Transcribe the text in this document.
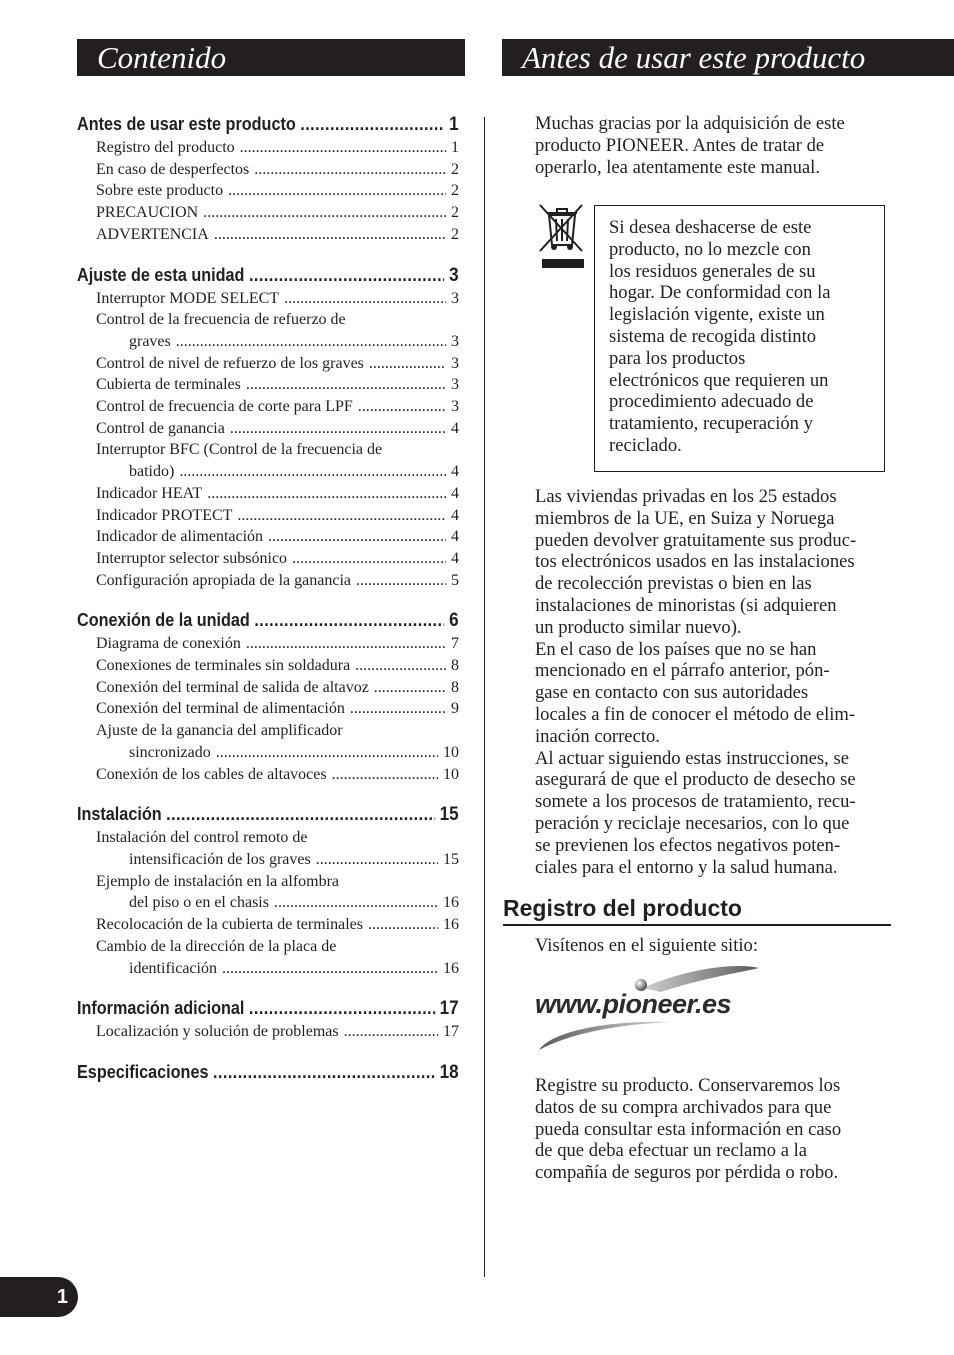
Contenido	Antes de usar este producto
Antes de usar este producto .....	1
Registro del producto .....	1
En caso de desperfectos .....	2
Sobre este producto .....	2
PRECAUCION .....	2
ADVERTENCIA .....	2
Ajuste de esta unidad .....	3
Interruptor MODE SELECT .....	3
Control de la frecuencia de refuerzo de
graves .....	3
Control de nivel de refuerzo de los graves .....	3
Cubierta de terminales .....	3
Control de frecuencia de corte para LPF .....	3
Control de ganancia .....	4
Interruptor BFC (Control de la frecuencia de
batido) .....	4
Indicador HEAT .....	4
Indicador PROTECT .....	4
Indicador de alimentación .....	4
Interruptor selector subsónico .....	4
Configuración apropiada de la ganancia .....	5
Conexión de la unidad .....	6
Diagrama de conexión .....	7
Conexiones de terminales sin soldadura .....	8
Conexión del terminal de salida de altavoz .....	8
Conexión del terminal de alimentación .....	9
Ajuste de la ganancia del amplificador
sincronizado .....	10
Conexión de los cables de altavoces .....	10
Instalación .....	15
Instalación del control remoto de
intensificación de los graves .....	15
Ejemplo de instalación en la alfombra
del piso o en el chasis .....	16
Recolocación de la cubierta de terminales .....	16
Cambio de la dirección de la placa de
identificación .....	16
Información adicional .....	17
Localización y solución de problemas .....	17
Especificaciones .....	18

Muchas gracias por la adquisición de este
producto PIONEER. Antes de tratar de
operarlo, lea atentamente este manual.

Si desea deshacerse de este
producto, no lo mezcle con
los residuos generales de su
hogar. De conformidad con la
legislación vigente, existe un
sistema de recogida distinto
para los productos
electrónicos que requieren un
procedimiento adecuado de
tratamiento, recuperación y
reciclado.

Las viviendas privadas en los 25 estados
miembros de la UE, en Suiza y Noruega
pueden devolver gratuitamente sus produc-
tos electrónicos usados en las instalaciones
de recolección previstas o bien en las
instalaciones de minoristas (si adquieren
un producto similar nuevo).
En el caso de los países que no se han
mencionado en el párrafo anterior, pón-
gase en contacto con sus autoridades
locales a fin de conocer el método de elim-
inación correcto.
Al actuar siguiendo estas instrucciones, se
asegurará de que el producto de desecho se
somete a los procesos de tratamiento, recu-
peración y reciclaje necesarios, con lo que
se previenen los efectos negativos poten-
ciales para el entorno y la salud humana.

Registro del producto

Visítenos en el siguiente sitio:

www.pioneer.es

Registre su producto. Conservaremos los
datos de su compra archivados para que
pueda consultar esta información en caso
de que deba efectuar un reclamo a la
compañía de seguros por pérdida o robo.

1
